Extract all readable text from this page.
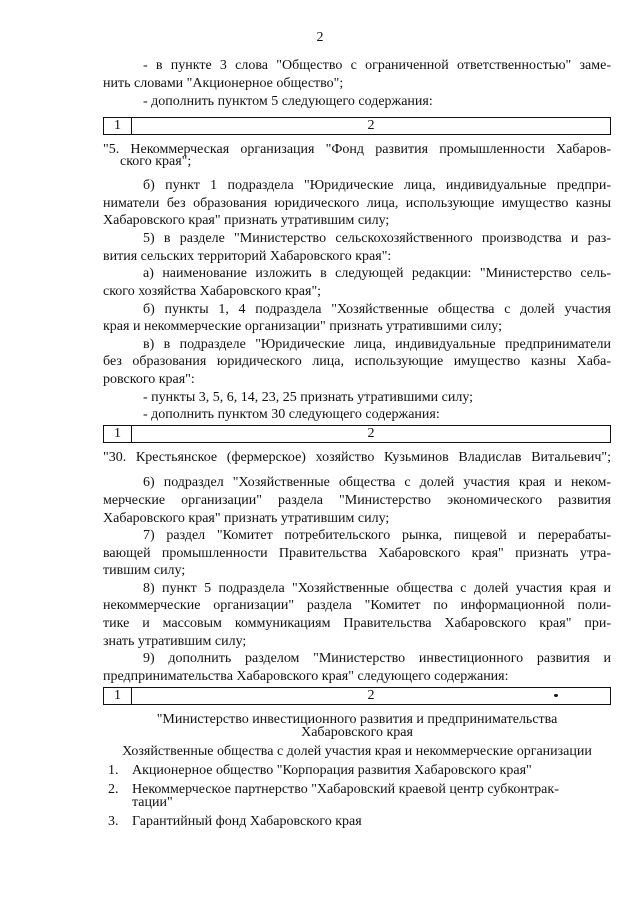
2
- в пункте 3 слова "Общество с ограниченной ответственностью" заме-
нить словами "Акционерное общество";
- дополнить пунктом 5 следующего содержания:
1	2
"5. Некоммерческая организация "Фонд развития промышленности Хабаров-
ского края";
б) пункт 1 подраздела "Юридические лица, индивидуальные предпри-
ниматели без образования юридического лица, использующие имущество казны
Хабаровского края" признать утратившим силу;
5) в разделе "Министерство сельскохозяйственного производства и раз-
вития сельских территорий Хабаровского края":
а) наименование изложить в следующей редакции: "Министерство сель-
ского хозяйства Хабаровского края";
б) пункты 1, 4 подраздела "Хозяйственные общества с долей участия
края и некоммерческие организации" признать утратившими силу;
в) в подразделе "Юридические лица, индивидуальные предприниматели
без образования юридического лица, использующие имущество казны Хаба-
ровского края":
- пункты 3, 5, 6, 14, 23, 25 признать утратившими силу;
- дополнить пунктом 30 следующего содержания:
1	2
"30. Крестьянское (фермерское) хозяйство Кузьминов Владислав Витальевич";
6) подраздел "Хозяйственные общества с долей участия края и неком-
мерческие организации" раздела "Министерство экономического развития
Хабаровского края" признать утратившим силу;
7) раздел "Комитет потребительского рынка, пищевой и перерабаты-
вающей промышленности Правительства Хабаровского края" признать утра-
тившим силу;
8) пункт 5 подраздела "Хозяйственные общества с долей участия края и
некоммерческие организации" раздела "Комитет по информационной поли-
тике и массовым коммуникациям Правительства Хабаровского края" при-
знать утратившим силу;
9) дополнить разделом "Министерство инвестиционного развития и
предпринимательства Хабаровского края" следующего содержания:
1	2
"Министерство инвестиционного развития и предпринимательства
Хабаровского края
Хозяйственные общества с долей участия края и некоммерческие организации
1. Акционерное общество "Корпорация развития Хабаровского края"
2. Некоммерческое партнерство "Хабаровский краевой центр субконтрак-
тации"
3. Гарантийный фонд Хабаровского края
